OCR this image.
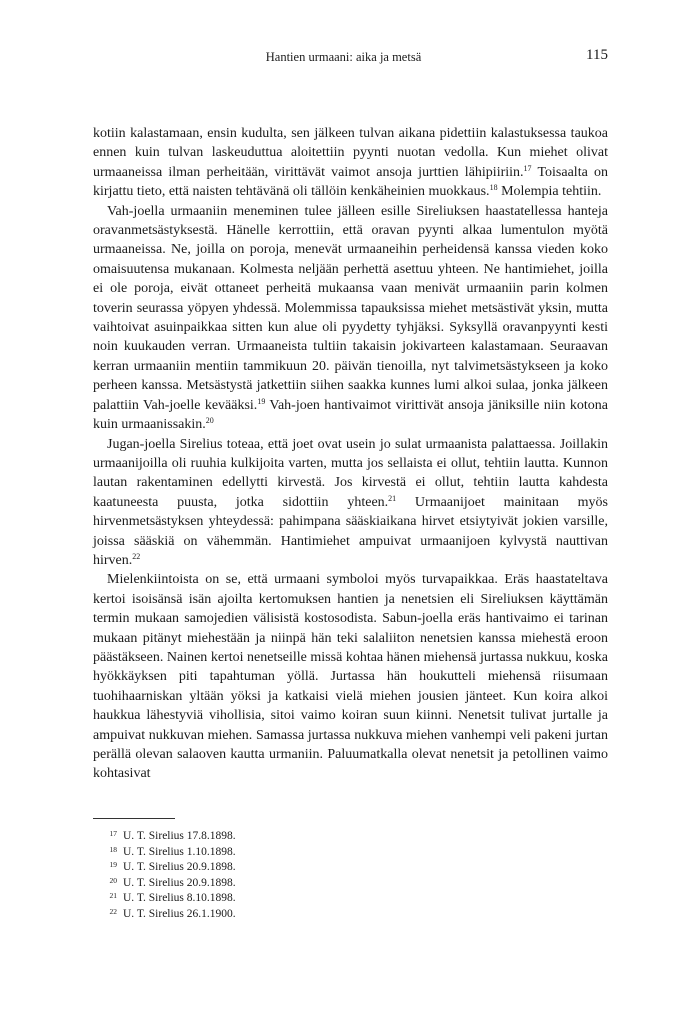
Hantien urmaani: aika ja metsä	115

kotiin kalastamaan, ensin kudulta, sen jälkeen tulvan aikana pidettiin kalastuksessa taukoa ennen kuin tulvan laskeuduttua aloitettiin pyynti nuotan vedolla. Kun miehet olivat urmaaneissa ilman perheitään, virittävät vaimot ansoja jurttien lähipiiriin.$^{17}$ Toisaalta on kirjattu tieto, että naisten tehtävänä oli tällöin kenkäheinien muokkaus.$^{18}$ Molempia tehtiin.

Vah-joella urmaaniin meneminen tulee jälleen esille Sireliuksen haastatellessa hanteja oravanmetsästyksestä. Hänelle kerrottiin, että oravan pyynti alkaa lumentulon myötä urmaaneissa. Ne, joilla on poroja, menevät urmaaneihin perheidensä kanssa vieden koko omaisuutensa mukanaan. Kolmesta neljään perhettä asettuu yhteen. Ne hantimiehet, joilla ei ole poroja, eivät ottaneet perheitä mukaansa vaan menivät urmaaniin parin kolmen toverin seurassa yöpyen yhdessä. Molemmissa tapauksissa miehet metsästivät yksin, mutta vaihtoivat asuinpaikkaa sitten kun alue oli pyydetty tyhjäksi. Syksyllä oravanpyynti kesti noin kuukauden verran. Urmaaneista tultiin takaisin jokivarteen kalastamaan. Seuraavan kerran urmaaniin mentiin tammikuun 20. päivän tienoilla, nyt talvimetsästykseen ja koko perheen kanssa. Metsästystä jatkettiin siihen saakka kunnes lumi alkoi sulaa, jonka jälkeen palattiin Vah-joelle kevääksi.$^{19}$ Vah-joen hantivaimot virittivät ansoja jäniksille niin kotona kuin urmaanissakin.$^{20}$

Jugan-joella Sirelius toteaa, että joet ovat usein jo sulat urmaanista palattaessa. Joillakin urmaanijoilla oli ruuhia kulkijoita varten, mutta jos sellaista ei ollut, tehtiin lautta. Kunnon lautan rakentaminen edellytti kirvestä. Jos kirvestä ei ollut, tehtiin lautta kahdesta kaatuneesta puusta, jotka sidottiin yhteen.$^{21}$ Urmaanijoet mainitaan myös hirvenmetsästyksen yhteydessä: pahimpana sääskiaikana hirvet etsiytyivät jokien varsille, joissa sääskiä on vähemmän. Hantimiehet ampuivat urmaanijoen kylvystä nauttivan hirven.$^{22}$

Mielenkiintoista on se, että urmaani symboloi myös turvapaikkaa. Eräs haastateltava kertoi isoisänsä isän ajoilta kertomuksen hantien ja nenetsien eli Sireliuksen käyttämän termin mukaan samojedien välisistä kostosodista. Sabun-joella eräs hantivaimo ei tarinan mukaan pitänyt miehestään ja niinpä hän teki salaliiton nenetsien kanssa miehestä eroon päästäkseen. Nainen kertoi nenetseille missä kohtaa hänen miehensä jurtassa nukkuu, koska hyökkäyksen piti tapahtuman yöllä. Jurtassa hän houkutteli miehensä riisumaan tuohihaarniskan yltään yöksi ja katkaisi vielä miehen jousien jänteet. Kun koira alkoi haukkua lähestyviä vihollisia, sitoi vaimo koiran suun kiinni. Nenetsit tulivat jurtalle ja ampuivat nukkuvan miehen. Samassa jurtassa nukkuva miehen vanhempi veli pakeni jurtan perällä olevan salaoven kautta urmaniin. Paluumatkalla olevat nenetsit ja petollinen vaimo kohtasivat

17 U. T. Sirelius 17.8.1898.
18 U. T. Sirelius 1.10.1898.
19 U. T. Sirelius 20.9.1898.
20 U. T. Sirelius 20.9.1898.
21 U. T. Sirelius 8.10.1898.
22 U. T. Sirelius 26.1.1900.
